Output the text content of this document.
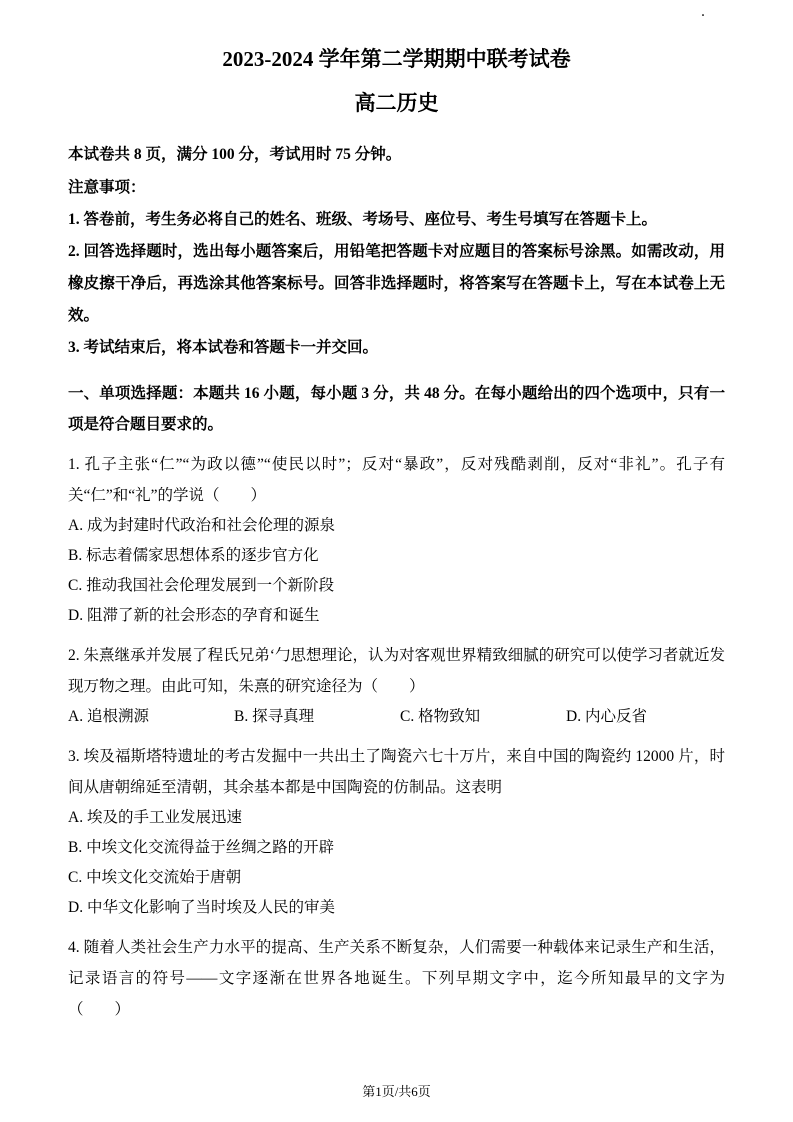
·
2023-2024 学年第二学期期中联考试卷
高二历史

本试卷共 8 页，满分 100 分，考试用时 75 分钟。

注意事项：

1. 答卷前，考生务必将自己的姓名、班级、考场号、座位号、考生号填写在答题卡上。

2. 回答选择题时，选出每小题答案后，用铅笔把答题卡对应题目的答案标号涂黑。如需改动，用橡皮擦干净后，再选涂其他答案标号。回答非选择题时，将答案写在答题卡上，写在本试卷上无效。

3. 考试结束后，将本试卷和答题卡一并交回。

一、单项选择题：本题共 16 小题，每小题 3 分，共 48 分。在每小题给出的四个选项中，只有一项是符合题目要求的。

1. 孔子主张“仁”“为政以德”“使民以时”；反对“暴政”，反对残酷剥削，反对“非礼”。孔子有关“仁”和“礼”的学说（　　）

A. 成为封建时代政治和社会伦理的源泉

B. 标志着儒家思想体系的逐步官方化

C. 推动我国社会伦理发展到一个新阶段

D. 阻滞了新的社会形态的孕育和诞生

2. 朱熹继承并发展了程氏兄弟‘勹思想理论，认为对客观世界精致细腻的研究可以使学习者就近发现万物之理。由此可知，朱熹的研究途径为（　　）

A. 追根溯源	B. 探寻真理	C. 格物致知	D. 内心反省

3. 埃及福斯塔特遗址的考古发掘中一共出土了陶瓷六七十万片，来自中国的陶瓷约 12000 片，时间从唐朝绵延至清朝，其余基本都是中国陶瓷的仿制品。这表明

A. 埃及的手工业发展迅速

B. 中埃文化交流得益于丝绸之路的开辟

C. 中埃文化交流始于唐朝

D. 中华文化影响了当时埃及人民的审美

4. 随着人类社会生产力水平的提高、生产关系不断复杂，人们需要一种载体来记录生产和生活，记录语言的符号——文字逐渐在世界各地诞生。下列早期文字中，迄今所知最早的文字为（　　）

第1页/共6页
